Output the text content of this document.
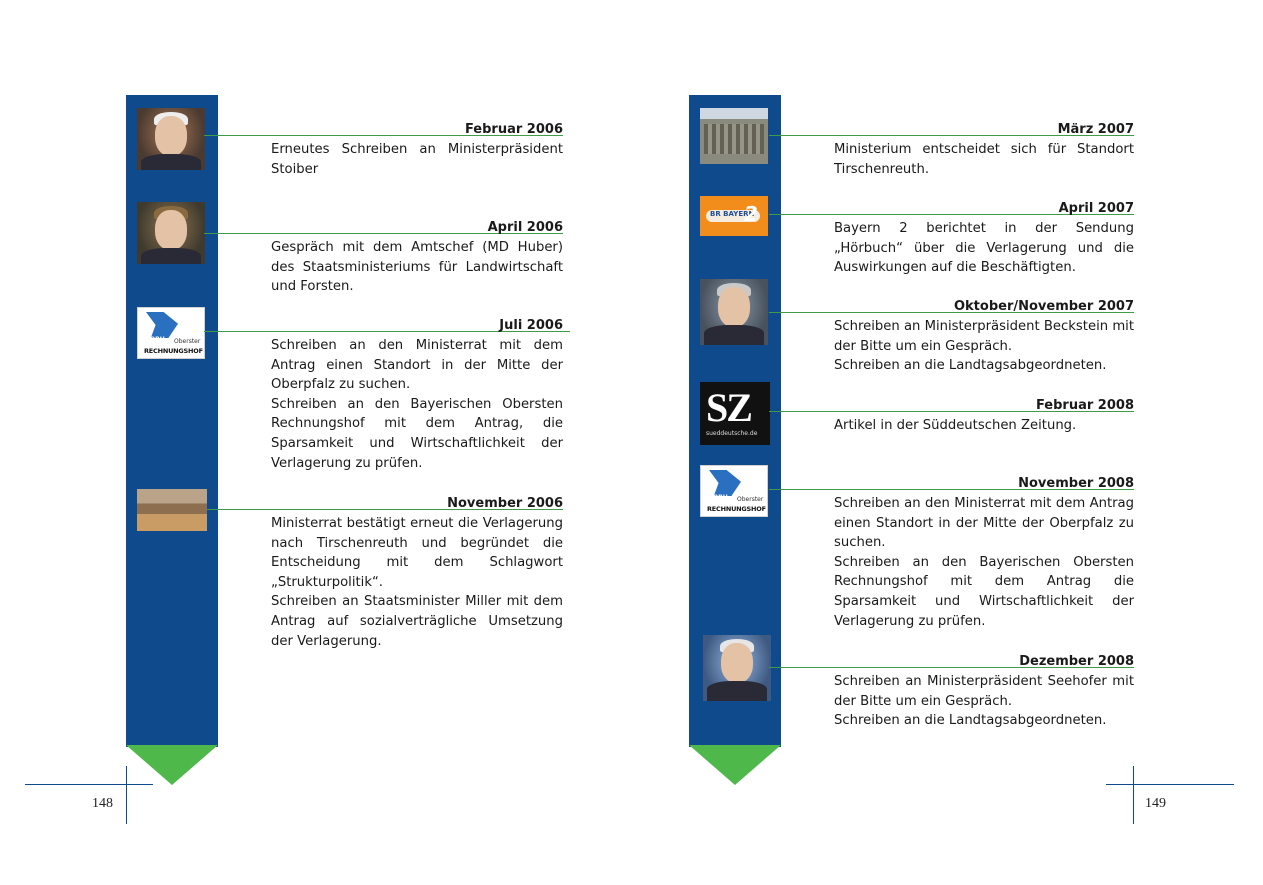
ORH Oberster
RECHNUNGSHOF
Februar 2006

Erneutes Schreiben an Ministerpräsident Stoiber

April 2006

Gespräch mit dem Amtschef (MD Huber) des Staatsministeriums für Landwirtschaft und Forsten.

Juli 2006

Schreiben an den Ministerrat mit dem Antrag einen Standort in der Mitte der Oberpfalz zu suchen.

Schreiben an den Bayerischen Obersten Rechnungshof mit dem Antrag, die Sparsamkeit und Wirtschaftlichkeit der Verlagerung zu prüfen.

November 2006

Ministerrat bestätigt erneut die Verlagerung nach Tirschenreuth und begründet die Entscheidung mit dem Schlagwort „Strukturpolitik“.

Schreiben an Staatsminister Miller mit dem Antrag auf sozialverträgliche Umsetzung der Verlagerung.

148
BR BAYERN
2
SZ
sueddeutsche.de
ORH Oberster
RECHNUNGSHOF
März 2007

Ministerium entscheidet sich für Standort Tirschenreuth.

April 2007

Bayern 2 berichtet in der Sendung „Hörbuch“ über die Verlagerung und die Auswirkungen auf die Beschäftigten.

Oktober/November 2007

Schreiben an Ministerpräsident Beckstein mit der Bitte um ein Gespräch.

Schreiben an die Landtagsabgeordneten.

Februar 2008

Artikel in der Süddeutschen Zeitung.

November 2008

Schreiben an den Ministerrat mit dem Antrag einen Standort in der Mitte der Oberpfalz zu suchen.

Schreiben an den Bayerischen Obersten Rechnungshof mit dem Antrag die Sparsamkeit und Wirtschaftlichkeit der Verlagerung zu prüfen.

Dezember 2008

Schreiben an Ministerpräsident Seehofer mit der Bitte um ein Gespräch.

Schreiben an die Landtagsabgeordneten.

149
